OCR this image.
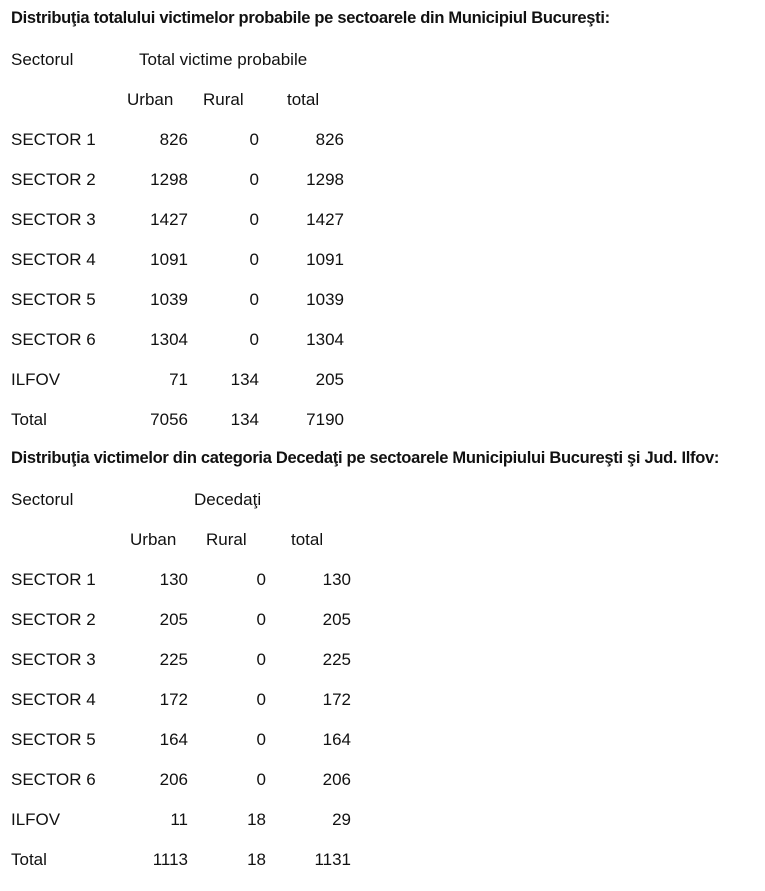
Distribuţia totalului victimelor probabile pe sectoarele din Municipiul Bucureşti:
Sectorul	Total victime probabile
Urban Rural	total
SECTOR 1	826	0	826
SECTOR 2	1298	0	1298
SECTOR 3	1427	0	1427
SECTOR 4	1091	0	1091
SECTOR 5	1039	0	1039
SECTOR 6	1304	0	1304
ILFOV	71	134	205
Total	7056	134	7190
Distribuţia victimelor din categoria Decedaţi pe sectoarele Municipiului Bucureşti şi Jud. Ilfov:
Sectorul	Decedaţi
Urban Rural	total
SECTOR 1	130	0	130
SECTOR 2	205	0	205
SECTOR 3	225	0	225
SECTOR 4	172	0	172
SECTOR 5	164	0	164
SECTOR 6	206	0	206
ILFOV	11	18	29
Total	1113	18	1131
